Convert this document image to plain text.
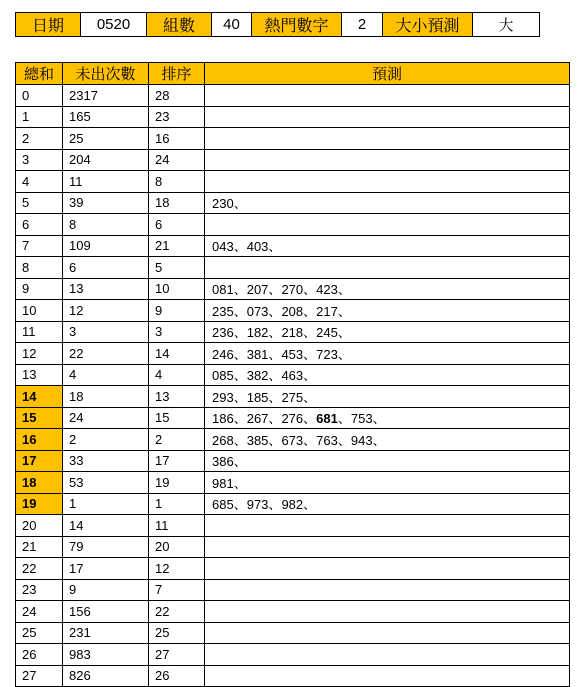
日期	0520	組數	40	熱門數字	2	大小預測	大
總和	未出次數	排序	預測
0	2317	28	
1	165	23	
2	25	16	
3	204	24	
4	11	8	
5	39	18	230、
6	8	6	
7	109	21	043、403、
8	6	5	
9	13	10	081、207、270、423、
10	12	9	235、073、208、217、
11	3	3	236、182、218、245、
12	22	14	246、381、453、723、
13	4	4	085、382、463、
14	18	13	293、185、275、
15	24	15	186、267、276、681、753、
16	2	2	268、385、673、763、943、
17	33	17	386、
18	53	19	981、
19	1	1	685、973、982、
20	14	11	
21	79	20	
22	17	12	
23	9	7	
24	156	22	
25	231	25	
26	983	27	
27	826	26	
